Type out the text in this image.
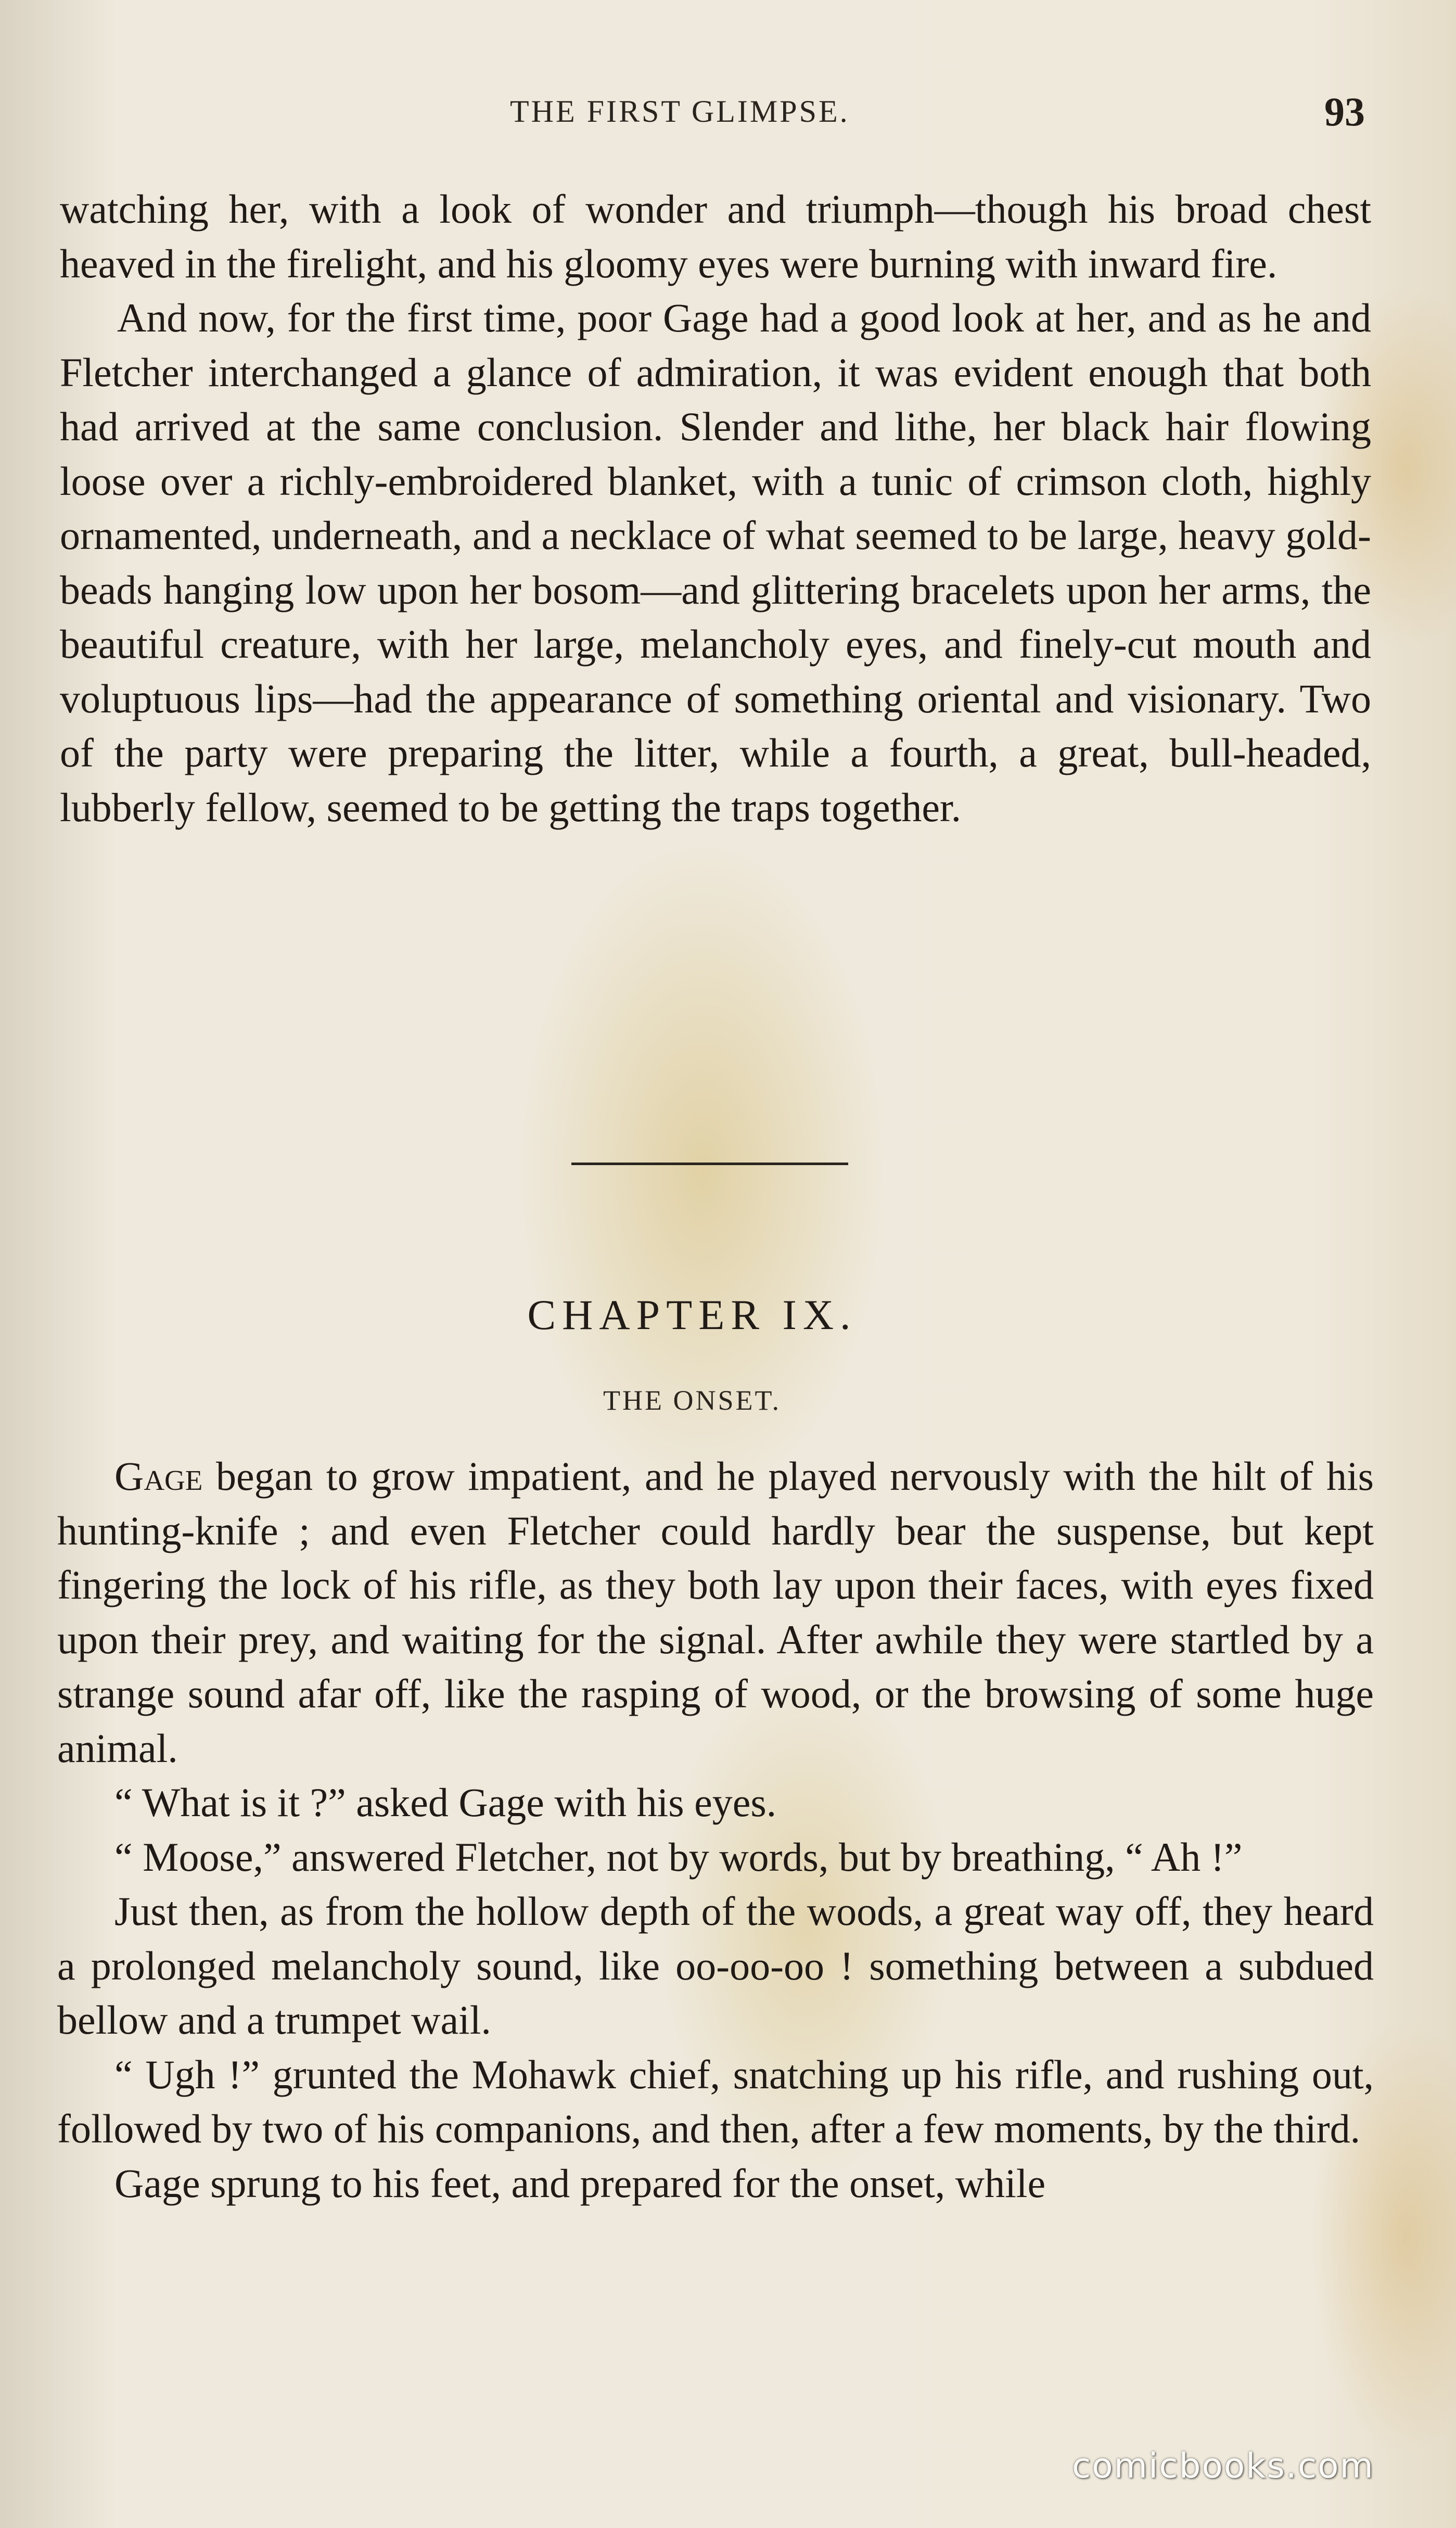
THE FIRST GLIMPSE.	93

watching her, with a look of wonder and triumph—though his broad chest heaved in the firelight, and his gloomy eyes were burning with inward fire.

And now, for the first time, poor Gage had a good look at her, and as he and Fletcher interchanged a glance of admiration, it was evident enough that both had arrived at the same conclusion. Slender and lithe, her black hair flowing loose over a richly-embroidered blanket, with a tunic of crimson cloth, highly ornamented, underneath, and a necklace of what seemed to be large, heavy gold-beads hanging low upon her bosom—and glittering bracelets upon her arms, the beautiful creature, with her large, melancholy eyes, and finely-cut mouth and voluptuous lips—had the appearance of something oriental and visionary. Two of the party were preparing the litter, while a fourth, a great, bull-headed, lubberly fellow, seemed to be getting the traps together.

CHAPTER IX.
THE ONSET.

Gage began to grow impatient, and he played nervously with the hilt of his hunting-knife ; and even Fletcher could hardly bear the suspense, but kept fingering the lock of his rifle, as they both lay upon their faces, with eyes fixed upon their prey, and waiting for the signal. After awhile they were startled by a strange sound afar off, like the rasping of wood, or the browsing of some huge animal.

“ What is it ?” asked Gage with his eyes.

“ Moose,” answered Fletcher, not by words, but by breathing, “ Ah !”

Just then, as from the hollow depth of the woods, a great way off, they heard a prolonged melancholy sound, like oo-oo-oo ! something between a subdued bellow and a trumpet wail.

“ Ugh !” grunted the Mohawk chief, snatching up his rifle, and rushing out, followed by two of his companions, and then, after a few moments, by the third.

Gage sprung to his feet, and prepared for the onset, while

comicbooks.com
